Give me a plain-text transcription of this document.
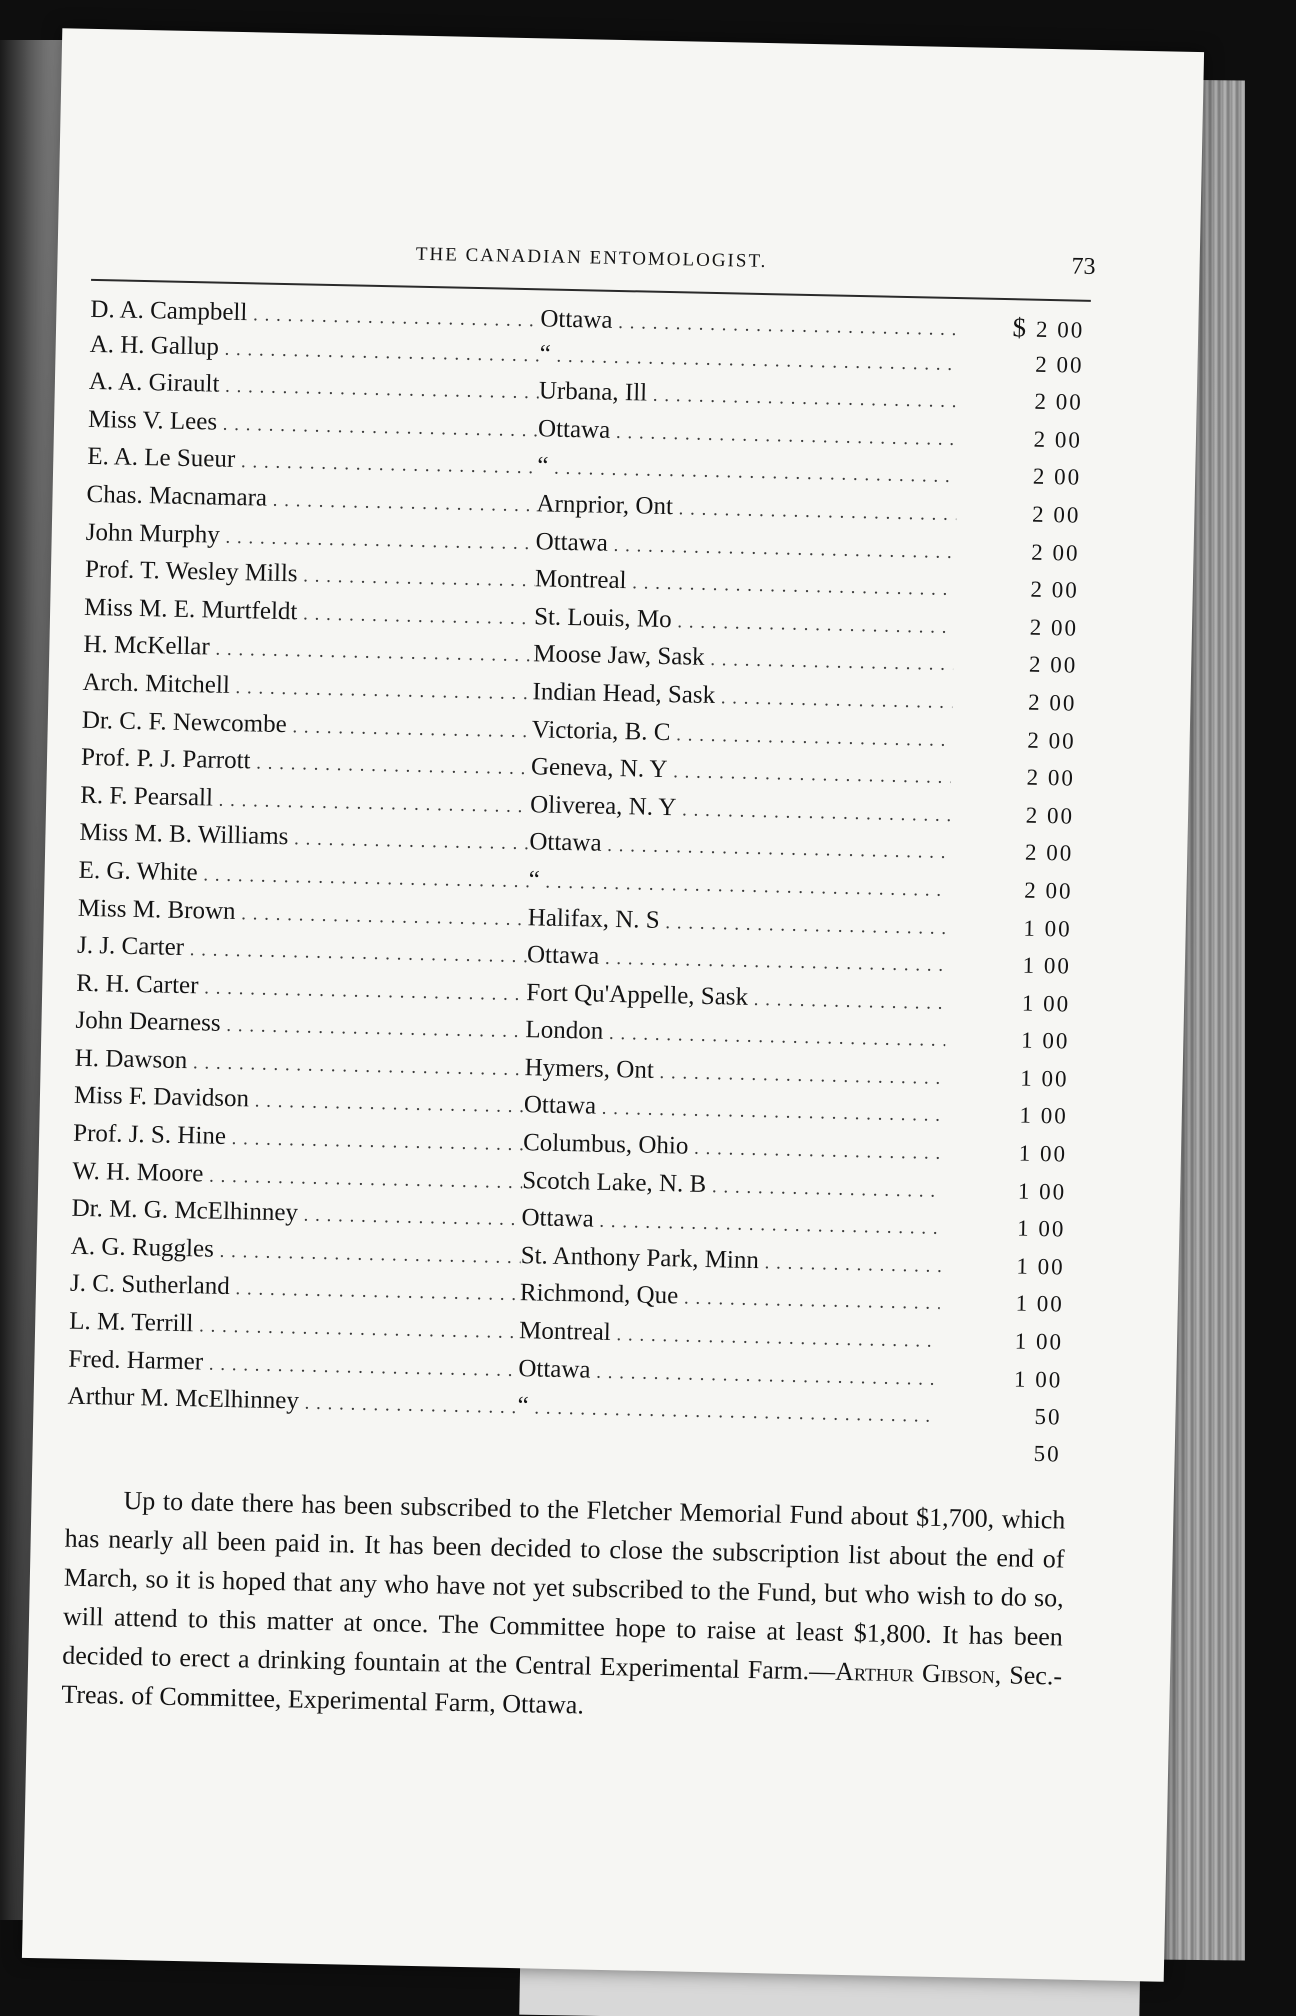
THE CANADIAN ENTOMOLOGIST.	73
D. A. Campbell . . .	Ottawa . . .	$ 2 00
A. H. Gallup . . .	“ . . .	2 00
A. A. Girault . . .	Urbana, Ill . . .	2 00
Miss V. Lees . . .	Ottawa . . .	2 00
E. A. Le Sueur . . .	“ . . .	2 00
Chas. Macnamara . . .	Arnprior, Ont . . .	2 00
John Murphy . . .	Ottawa . . .	2 00
Prof. T. Wesley Mills . . .	Montreal . . .	2 00
Miss M. E. Murtfeldt . . .	St. Louis, Mo . . .	2 00
H. McKellar . . .	Moose Jaw, Sask . . .	2 00
Arch. Mitchell . . .	Indian Head, Sask . . .	2 00
Dr. C. F. Newcombe . . .	Victoria, B. C . . .	2 00
Prof. P. J. Parrott . . .	Geneva, N. Y . . .	2 00
R. F. Pearsall . . .	Oliverea, N. Y . . .	2 00
Miss M. B. Williams . . .	Ottawa . . .	2 00
E. G. White . . .	“ . . .	2 00
Miss M. Brown . . .	Halifax, N. S . . .	1 00
J. J. Carter . . .	Ottawa . . .	1 00
R. H. Carter . . .	Fort Qu'Appelle, Sask . . .	1 00
John Dearness . . .	London . . .	1 00
H. Dawson . . .	Hymers, Ont . . .	1 00
Miss F. Davidson . . .	Ottawa . . .	1 00
Prof. J. S. Hine . . .	Columbus, Ohio . . .	1 00
W. H. Moore . . .	Scotch Lake, N. B . . .	1 00
Dr. M. G. McElhinney . . .	Ottawa . . .	1 00
A. G. Ruggles . . .	St. Anthony Park, Minn . . .	1 00
J. C. Sutherland . . .	Richmond, Que . . .	1 00
L. M. Terrill . . .	Montreal . . .	1 00
Fred. Harmer . . .	Ottawa . . .	1 00
Arthur M. McElhinney . . .	“ . . .	50
50

Up to date there has been subscribed to the Fletcher Memorial Fund about $1,700, which has nearly all been paid in. It has been decided to close the subscription list about the end of March, so it is hoped that any who have not yet subscribed to the Fund, but who wish to do so, will attend to this matter at once. The Committee hope to raise at least $1,800. It has been decided to erect a drinking fountain at the Central Experimental Farm.—Arthur Gibson, Sec.-Treas. of Committee, Experimental Farm, Ottawa.
